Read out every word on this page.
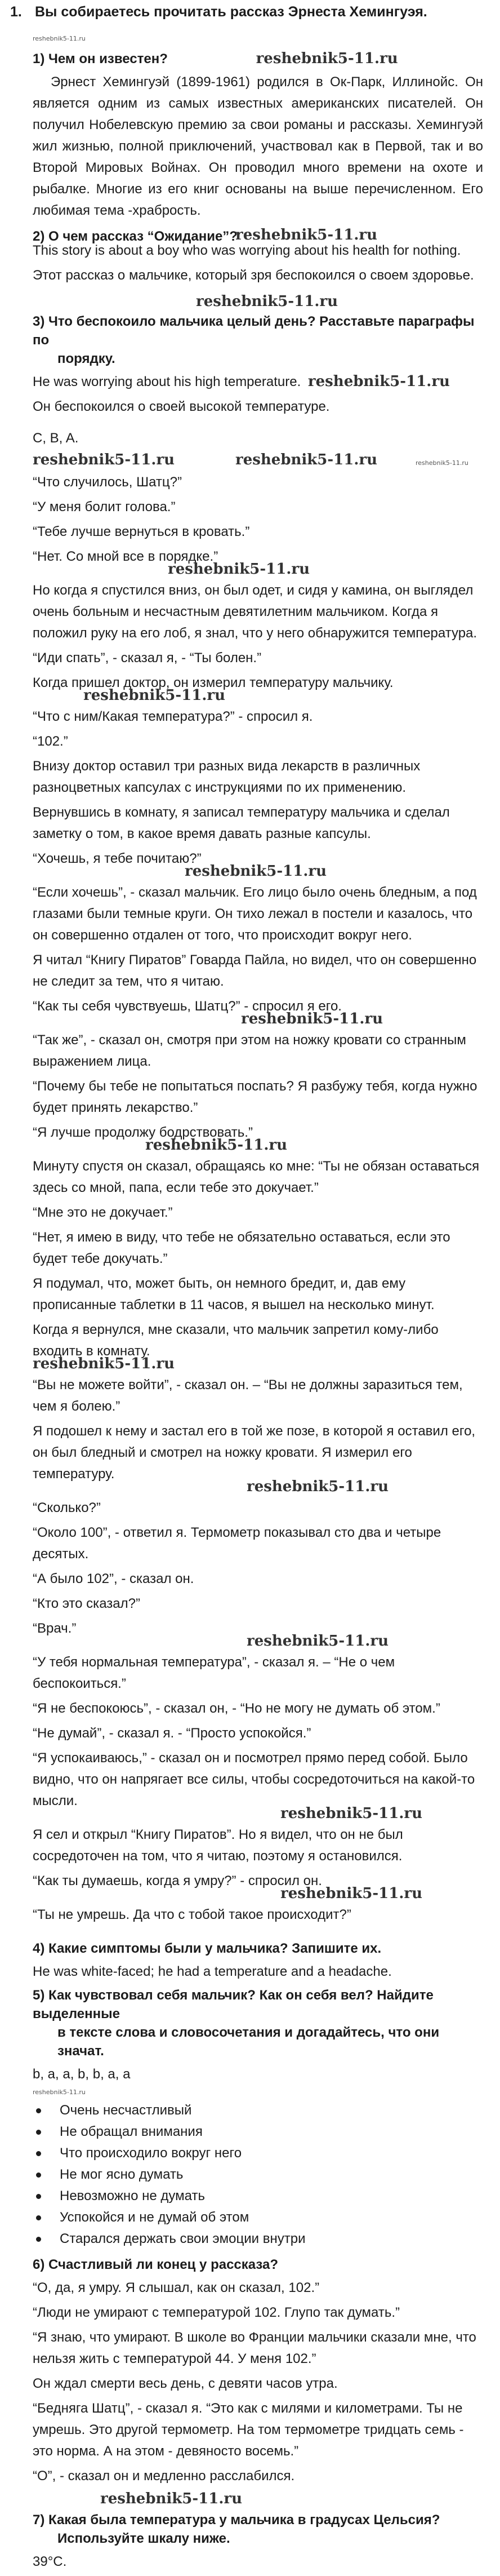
1. Вы собираетесь прочитать рассказ Эрнеста Хемингуэя.
reshebnik5-11.ru
1) Чем он известен?	reshebnik5-11.ru
Эрнест Хемингуэй (1899-1961) родился в Ок-Парк, Иллинойс. Он является одним из самых известных американских писателей. Он получил Нобелевскую премию за свои романы и рассказы. Хемингуэй жил жизнью, полной приключений, участвовал как в Первой, так и во Второй Мировых Войнах. Он проводил много времени на охоте и рыбалке. Многие из его книг основаны на выше перечисленном. Его любимая тема -храбрость.
2) О чем рассказ “Ожидание”?
reshebnik5-11.ru
This story is about a boy who was worrying about his health for nothing.
Этот рассказ о мальчике, который зря беспокоился о своем здоровье.
reshebnik5-11.ru
3) Что беспокоило мальчика целый день? Расставьте параграфы по
порядку.
He was worrying about his high temperature. reshebnik5-11.ru
Он беспокоился о своей высокой температуре.
C, B, A.
reshebnik5-11.ru	reshebnik5-11.ru	reshebnik5-11.ru
“Что случилось, Шатц?”
“У меня болит голова.”
“Тебе лучше вернуться в кровать.”
“Нет. Со мной все в порядке.”
reshebnik5-11.ru
Но когда я спустился вниз, он был одет, и сидя у камина, он выглядел очень больным и несчастным девятилетним мальчиком. Когда я положил руку на его лоб, я знал, что у него обнаружится температура.
“Иди спать”, - сказал я, - “Ты болен.”
Когда пришел доктор, он измерил температуру мальчику.
reshebnik5-11.ru
“Что с ним/Какая температура?” - спросил я.
“102.”
Внизу доктор оставил три разных вида лекарств в различных разноцветных капсулах с инструкциями по их применению.
Вернувшись в комнату, я записал температуру мальчика и сделал заметку о том, в какое время давать разные капсулы.
“Хочешь, я тебе почитаю?”
reshebnik5-11.ru
“Если хочешь”, - сказал мальчик. Его лицо было очень бледным, а под глазами были темные круги. Он тихо лежал в постели и казалось, что он совершенно отдален от того, что происходит вокруг него.
Я читал “Книгу Пиратов” Говарда Пайла, но видел, что он совершенно не следит за тем, что я читаю.
“Как ты себя чувствуешь, Шатц?” - спросил я его.
reshebnik5-11.ru
“Так же”, - сказал он, смотря при этом на ножку кровати со странным выражением лица.
“Почему бы тебе не попытаться поспать? Я разбужу тебя, когда нужно будет принять лекарство.”
“Я лучше продолжу бодрствовать.”
reshebnik5-11.ru
Минуту спустя он сказал, обращаясь ко мне: “Ты не обязан оставаться здесь со мной, папа, если тебе это докучает.”
“Мне это не докучает.”
“Нет, я имею в виду, что тебе не обязательно оставаться, если это будет тебе докучать.”
Я подумал, что, может быть, он немного бредит, и, дав ему прописанные таблетки в 11 часов, я вышел на несколько минут.
Когда я вернулся, мне сказали, что мальчик запретил кому-либо входить в комнату.
reshebnik5-11.ru
“Вы не можете войти”, - сказал он. – “Вы не должны заразиться тем, чем я болею.”
Я подошел к нему и застал его в той же позе, в которой я оставил его, он был бледный и смотрел на ножку кровати. Я измерил его температуру.
reshebnik5-11.ru
“Сколько?”
“Около 100”, - ответил я. Термометр показывал сто два и четыре десятых.
“А было 102”, - сказал он.
“Кто это сказал?”
“Врач.”
reshebnik5-11.ru
“У тебя нормальная температура”, - сказал я. – “Не о чем беспокоиться.”
“Я не беспокоюсь”, - сказал он, - “Но не могу не думать об этом.”
“Не думай”, - сказал я. - “Просто успокойся.”
“Я успокаиваюсь,” - сказал он и посмотрел прямо перед собой. Было видно, что он напрягает все силы, чтобы сосредоточиться на какой-то мысли.
reshebnik5-11.ru
Я сел и открыл “Книгу Пиратов”. Но я видел, что он не был сосредоточен на том, что я читаю, поэтому я остановился.
“Как ты думаешь, когда я умру?” - спросил он.
reshebnik5-11.ru
“Ты не умрешь. Да что с тобой такое происходит?”
4) Какие симптомы были у мальчика? Запишите их.
He was white-faced; he had a temperature and a headache.
5) Как чувствовал себя мальчик? Как он себя вел? Найдите выделенные
в тексте слова и словосочетания и догадайтесь, что они значат.
b, a, a, b, b, a, a
reshebnik5-11.ru
Очень несчастливый
Не обращал внимания
Что происходило вокруг него
Не мог ясно думать
Невозможно не думать
Успокойся и не думай об этом
Старался держать свои эмоции внутри
6) Счастливый ли конец у рассказа?
“О, да, я умру. Я слышал, как он сказал, 102.”
“Люди не умирают с температурой 102. Глупо так думать.”
“Я знаю, что умирают. В школе во Франции мальчики сказали мне, что нельзя жить с температурой 44. У меня 102.”
Он ждал смерти весь день, с девяти часов утра.
“Бедняга Шатц”, - сказал я. “Это как с милями и километрами. Ты не умрешь. Это другой термометр. На том термометре тридцать семь - это норма. А на этом - девяносто восемь.”
“О”, - сказал он и медленно расслабился.
reshebnik5-11.ru
7) Какая была температура у мальчика в градусах Цельсия?
Используйте шкалу ниже.
39°C.
